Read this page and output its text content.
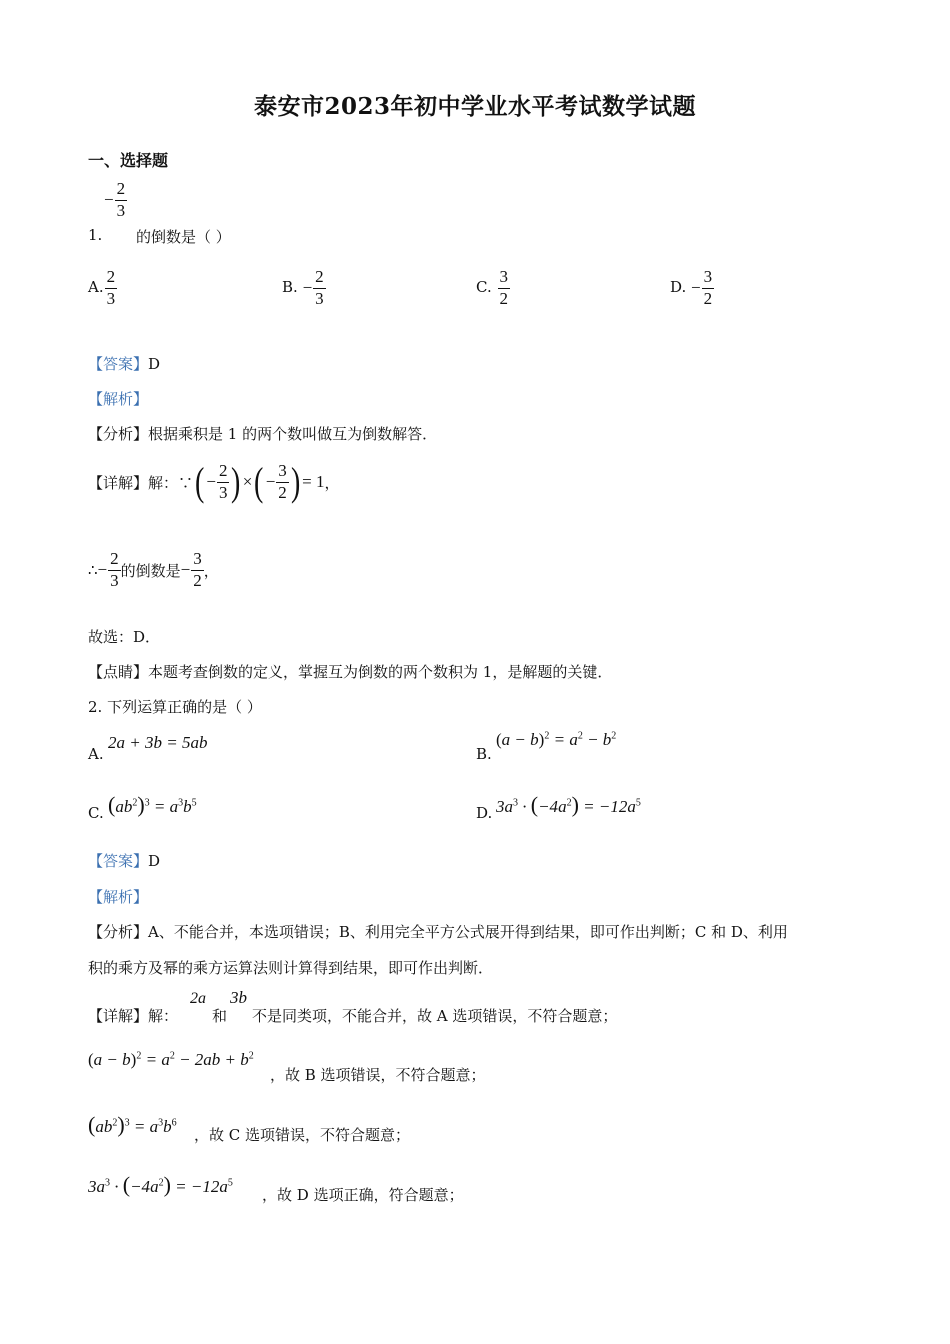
泰安市2023年初中学业水平考试数学试题
一、选择题
− $\frac{2}{3}$
1. 的倒数是（ ）
A. $\frac{2}{3}$	B. − $\frac{2}{3}$	C. $\frac{3}{2}$	D. − $\frac{3}{2}$
【答案】D
【解析】
【分析】根据乘积是 1 的两个数叫做互为倒数解答．
【详解】 解：∵ ( − $\frac{2}{3}$ ) × ( − $\frac{3}{2}$ ) = 1 ，
∴ − $\frac{2}{3}$ 的倒数是 − $\frac{3}{2}$ ，
故选：D．
【点睛】本题考查倒数的定义，掌握互为倒数的两个数积为 1，是解题的关键．
2. 下列运算正确的是（ ）
A.
2a + 3b = 5ab
B.
$(a - b)^2 = a^2 - b^2$
C. $(ab^2)^3 = a^3b^5$
D. $3a^3 \cdot (-4a^2) = -12a^5$
【答案】D
【解析】
【分析】A、不能合并，本选项错误；B、利用完全平方公式展开得到结果，即可作出判断；C 和 D、利用
积的乘方及幂的乘方运算法则计算得到结果，即可作出判断．
【详解】解：
2a
和
3b
不是同类项，不能合并，故 A 选项错误，不符合题意；
$(a - b)^2 = a^2 - 2ab + b^2$
，故 B 选项错误，不符合题意；
$(ab^2)^3 = a^3b^6$
，故 C 选项错误，不符合题意；
$3a^3 \cdot (-4a^2) = -12a^5$
，故 D 选项正确，符合题意；
